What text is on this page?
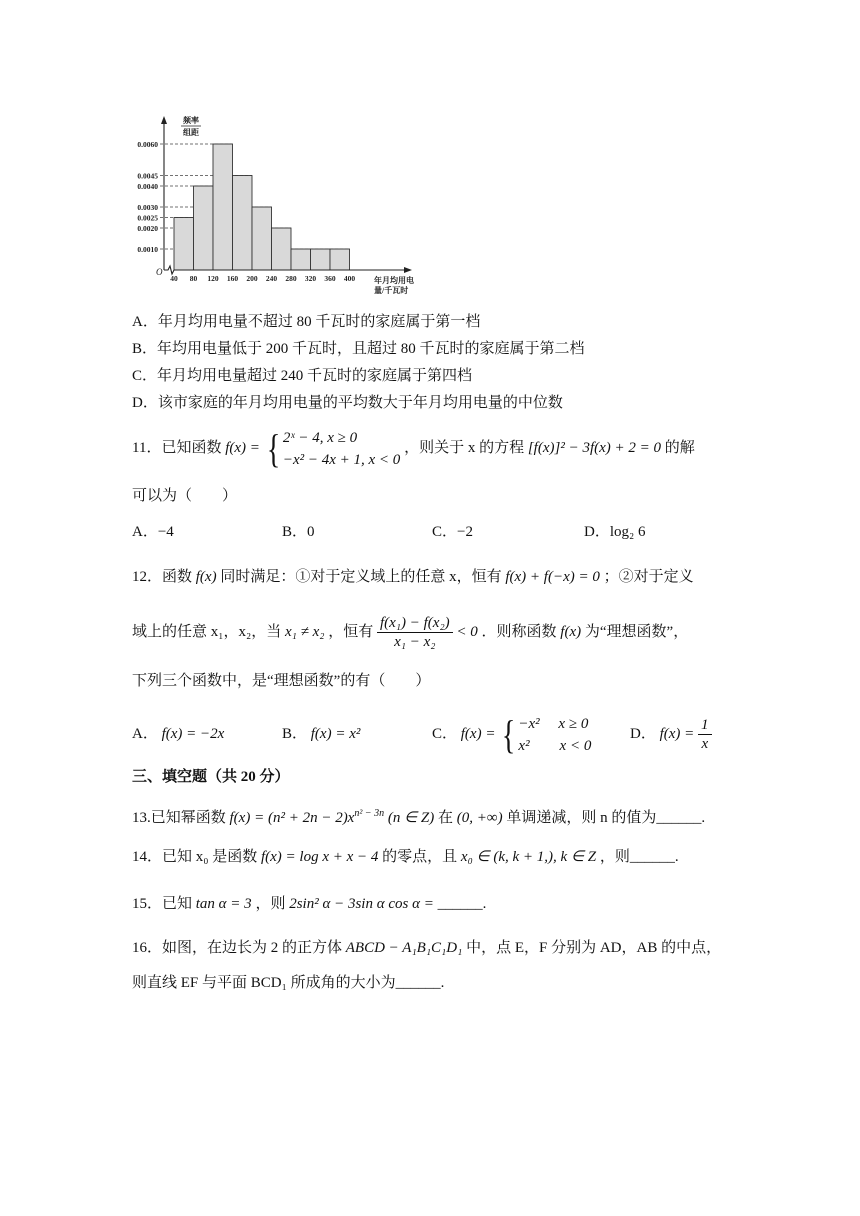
0.0010
0.0020
0.0025
0.0030
0.0040
0.0045
0.0060
40 80 120 160 200 240 280 320 360 400
O
频率
组距
年月均用电
量/千瓦时
A．年月均用电量不超过 80 千瓦时的家庭属于第一档
B．年均用电量低于 200 千瓦时，且超过 80 千瓦时的家庭属于第二档
C．年月均用电量超过 240 千瓦时的家庭属于第四档
D．该市家庭的年月均用电量的平均数大于年月均用电量的中位数
11．已知函数 f(x) = { 2ˣ − 4, x ≥ 0
−x² − 4x + 1, x < 0
，则关于 x 的方程 [f(x)]² − 3f(x) + 2 = 0 的解
可以为（　　）
A．−4	B．0	C．−2	D．log₂ 6
12．函数 f(x) 同时满足：①对于定义域上的任意 x，恒有 f(x) + f(−x) = 0 ；②对于定义
域上的任意 x₁，x₂，当 x₁ ≠ x₂ ，恒有 $\frac{\text{f(x₁) − f(x₂)}}{\text{x₁ − x₂}} < 0$ ．则称函数 f(x) 为“理想函数”，
下列三个函数中，是“理想函数”的有（　　）
A． f(x) = −2x	B． f(x) = x²	C． f(x) = { −x²　 x ≥ 0
x²　　x < 0
D． $f(x) = \frac{1}{x}$
三、填空题（共 20 分）
13.已知幂函数 $f(x) = (n^2 + 2n - 2)x^{n^2 - 3n}$ (n ∈ Z) 在 (0, +∞) 单调递减，则 n 的值为______.
14．已知 x₀ 是函数 f(x) = log x + x − 4 的零点，且 x₀ ∈ (k, k + 1,), k ∈ Z ，则______.
15．已知 tan α = 3 ，则 2sin² α − 3sin α cos α = ______.
16．如图，在边长为 2 的正方体 ABCD − A₁B₁C₁D₁ 中，点 E，F 分别为 AD，AB 的中点，
则直线 EF 与平面 BCD₁ 所成角的大小为______.
